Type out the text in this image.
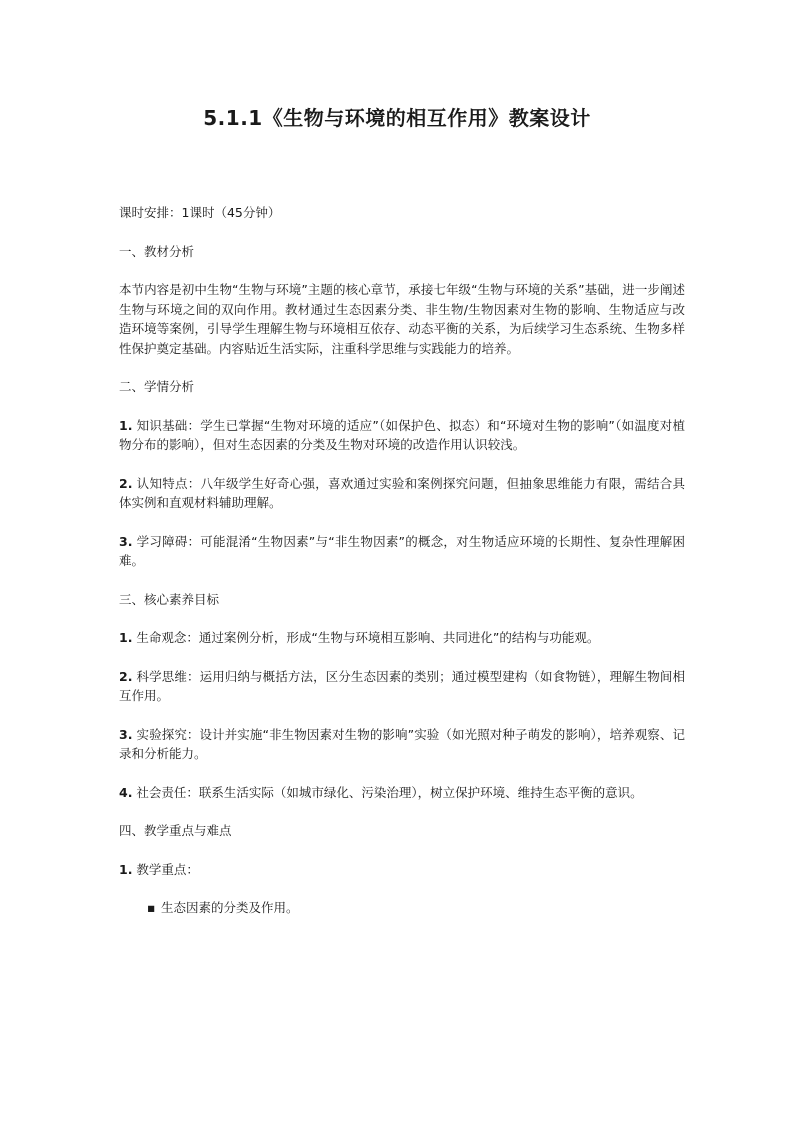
5.1.1《生物与环境的相互作用》教案设计

课时安排：1课时（45分钟）

一、教材分析

本节内容是初中生物“生物与环境”主题的核心章节，承接七年级“生物与环境的关系”基础，进一步阐述生物与环境之间的双向作用。教材通过生态因素分类、非生物/生物因素对生物的影响、生物适应与改造环境等案例，引导学生理解生物与环境相互依存、动态平衡的关系，为后续学习生态系统、生物多样性保护奠定基础。内容贴近生活实际，注重科学思维与实践能力的培养。

二、学情分析

1. 知识基础：学生已掌握“生物对环境的适应”（如保护色、拟态）和“环境对生物的影响”（如温度对植物分布的影响），但对生态因素的分类及生物对环境的改造作用认识较浅。

2. 认知特点：八年级学生好奇心强，喜欢通过实验和案例探究问题，但抽象思维能力有限，需结合具体实例和直观材料辅助理解。

3. 学习障碍：可能混淆“生物因素”与“非生物因素”的概念，对生物适应环境的长期性、复杂性理解困难。

三、核心素养目标

1. 生命观念：通过案例分析，形成“生物与环境相互影响、共同进化”的结构与功能观。

2. 科学思维：运用归纳与概括方法，区分生态因素的类别；通过模型建构（如食物链），理解生物间相互作用。

3. 实验探究：设计并实施“非生物因素对生物的影响”实验（如光照对种子萌发的影响），培养观察、记录和分析能力。

4. 社会责任：联系生活实际（如城市绿化、污染治理），树立保护环境、维持生态平衡的意识。

四、教学重点与难点

1. 教学重点：

▪ 生态因素的分类及作用。
